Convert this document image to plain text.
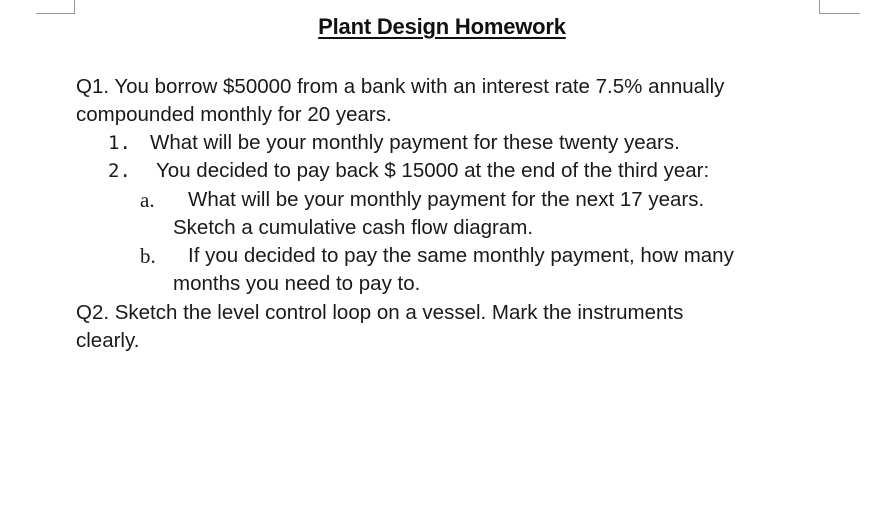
Plant Design Homework
Q1. You borrow $50000 from a bank with an interest rate 7.5% annually
compounded monthly for 20 years.
1. What will be your monthly payment for these twenty years.
2. You decided to pay back $ 15000 at the end of the third year:
a. What will be your monthly payment for the next 17 years.
Sketch a cumulative cash flow diagram.
b. If you decided to pay the same monthly payment, how many
months you need to pay to.
Q2. Sketch the level control loop on a vessel. Mark the instruments
clearly.
